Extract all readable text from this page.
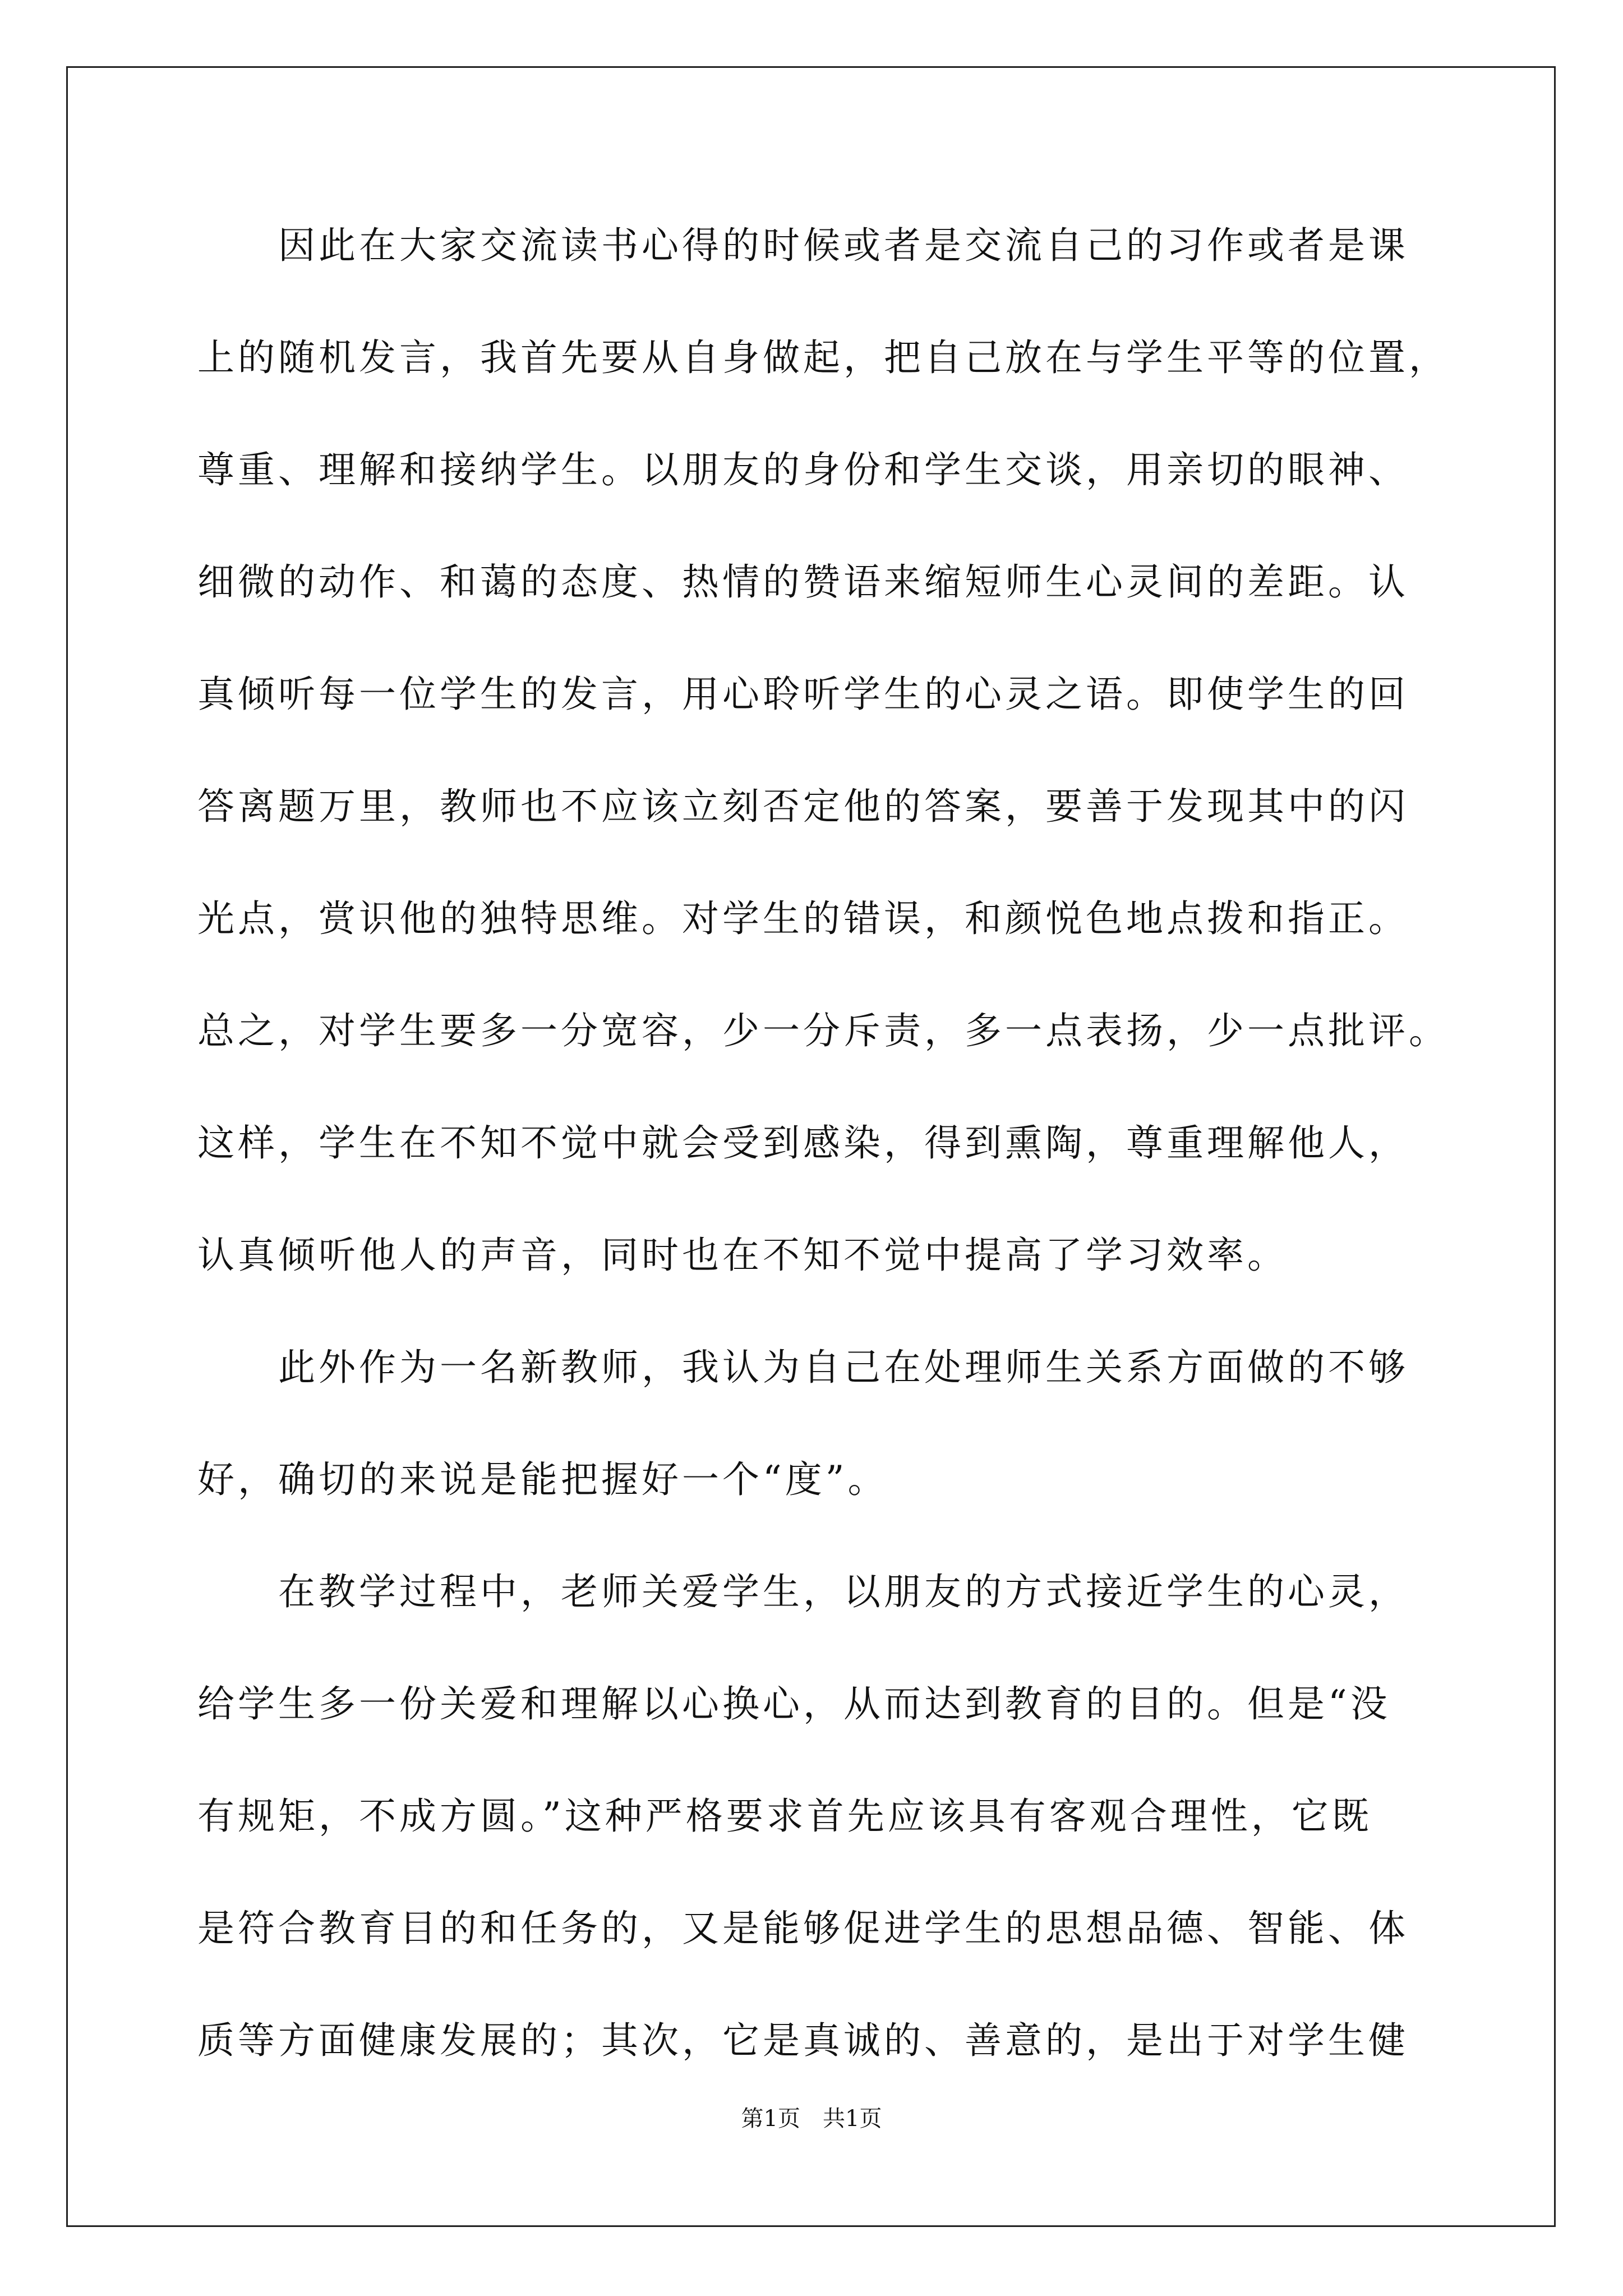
　　因此在大家交流读书心得的时候或者是交流自己的习作或者是课
上的随机发言，我首先要从自身做起，把自己放在与学生平等的位置，
尊重、理解和接纳学生。以朋友的身份和学生交谈，用亲切的眼神、
细微的动作、和蔼的态度、热情的赞语来缩短师生心灵间的差距。认
真倾听每一位学生的发言，用心聆听学生的心灵之语。即使学生的回
答离题万里，教师也不应该立刻否定他的答案，要善于发现其中的闪
光点，赏识他的独特思维。对学生的错误，和颜悦色地点拨和指正。
总之，对学生要多一分宽容，少一分斥责，多一点表扬，少一点批评。
这样，学生在不知不觉中就会受到感染，得到熏陶，尊重理解他人，
认真倾听他人的声音，同时也在不知不觉中提高了学习效率。
　　此外作为一名新教师，我认为自己在处理师生关系方面做的不够
好，确切的来说是能把握好一个“度”。
　　在教学过程中，老师关爱学生，以朋友的方式接近学生的心灵，
给学生多一份关爱和理解以心换心，从而达到教育的目的。但是“没
有规矩，不成方圆。”这种严格要求首先应该具有客观合理性，它既
是符合教育目的和任务的，又是能够促进学生的思想品德、智能、体
质等方面健康发展的；其次，它是真诚的、善意的，是出于对学生健
第1页　共1页
